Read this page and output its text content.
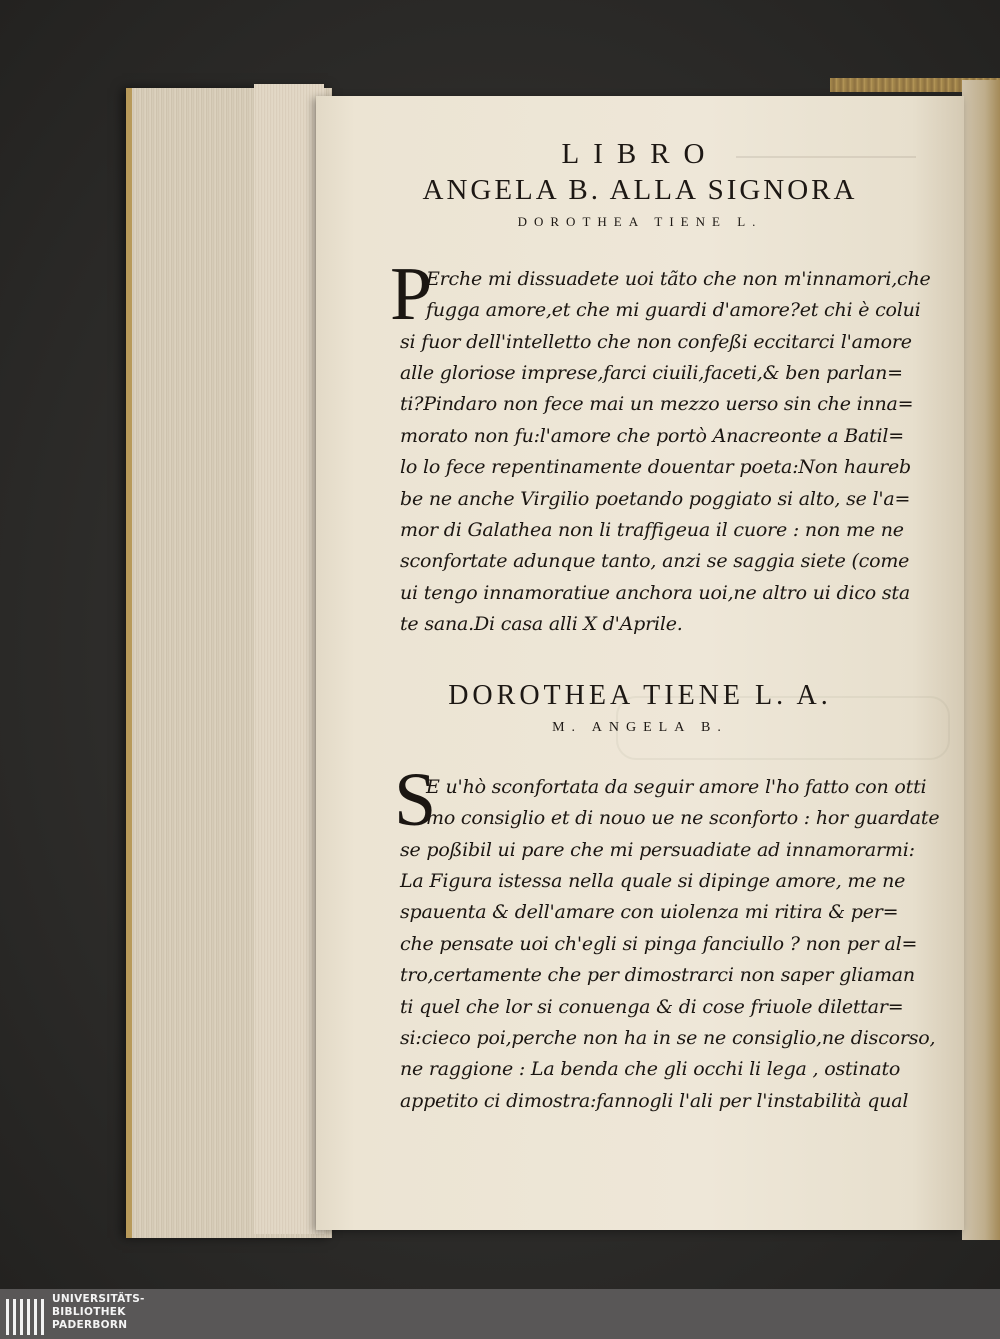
LIBRO
ANGELA B. ALLA SIGNORA
DOROTHEA TIENE L.
P
Erche mi dissuadete uoi tãto che non m'innamori,che
fugga amore,et che mi guardi d'amore?et chi è colui
si fuor dell'intelletto che non confeßi eccitarci l'amore
alle gloriose imprese,farci ciuili,faceti,& ben parlan=
ti?Pindaro non fece mai un mezzo uerso sin che inna=
morato non fu:l'amore che portò Anacreonte a Batil=
lo lo fece repentinamente douentar poeta:Non haureb
be ne anche Virgilio poetando poggiato si alto, se l'a=
mor di Galathea non li traffigeua il cuore : non me ne
sconfortate adunque tanto, anzi se saggia siete (come
ui tengo innamoratiue anchora uoi,ne altro ui dico sta
te sana.Di casa alli X d'Aprile.
DOROTHEA TIENE L. A.
M. ANGELA B.
S
E u'hò sconfortata da seguir amore l'ho fatto con otti
mo consiglio et di nouo ue ne sconforto : hor guardate
se poßibil ui pare che mi persuadiate ad innamorarmi:
La Figura istessa nella quale si dipinge amore, me ne
spauenta & dell'amare con uiolenza mi ritira & per=
che pensate uoi ch'egli si pinga fanciullo ? non per al=
tro,certamente che per dimostrarci non saper gliaman
ti quel che lor si conuenga & di cose friuole dilettar=
si:cieco poi,perche non ha in se ne consiglio,ne discorso,
ne raggione : La benda che gli occhi li lega , ostinato
appetito ci dimostra:fannogli l'ali per l'instabilità qual
UNIVERSITÄTS-
BIBLIOTHEK
PADERBORN
